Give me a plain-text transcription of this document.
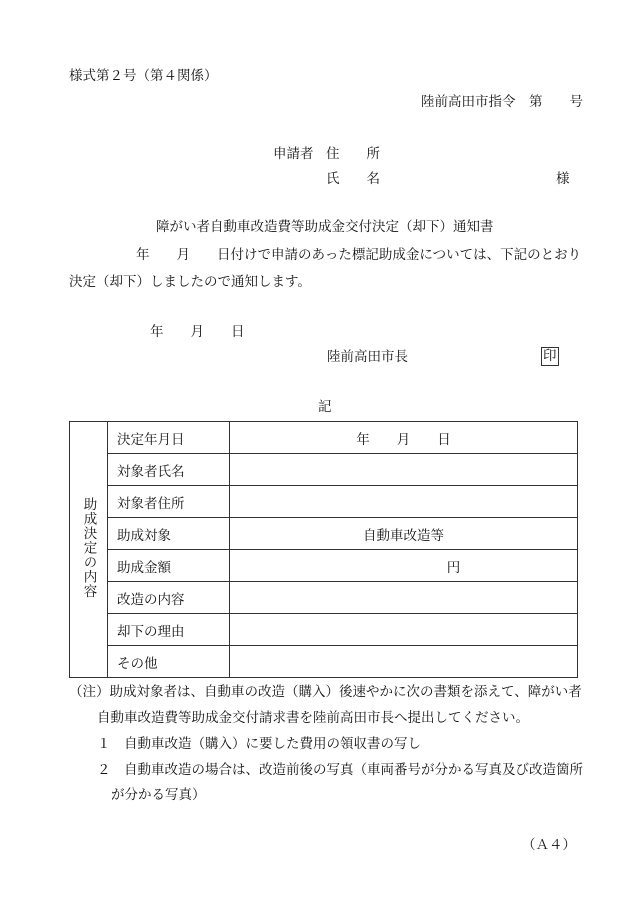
様式第２号（第４関係）
陸前高田市指令　第　　号
申請者 住　　所
氏　　名	様
障がい者自動車改造費等助成金交付決定（却下）通知書
年　　月　　日付けで申請のあった標記助成金については、下記のとおり
決定（却下）しましたので通知します。
年　　月　　日
陸前高田市長	印
記
助成決定の内容	決定年月日	年　　月　　日
	対象者氏名	
	対象者住所	
	助成対象	自動車改造等
	助成金額	円
	改造の内容	
	却下の理由	
	その他	
（注）助成対象者は、自動車の改造（購入）後速やかに次の書類を添えて、障がい者
自動車改造費等助成金交付請求書を陸前高田市長へ提出してください。
１ 自動車改造（購入）に要した費用の領収書の写し
２ 自動車改造の場合は、改造前後の写真（車両番号が分かる写真及び改造箇所
が分かる写真）
（Ａ４）
